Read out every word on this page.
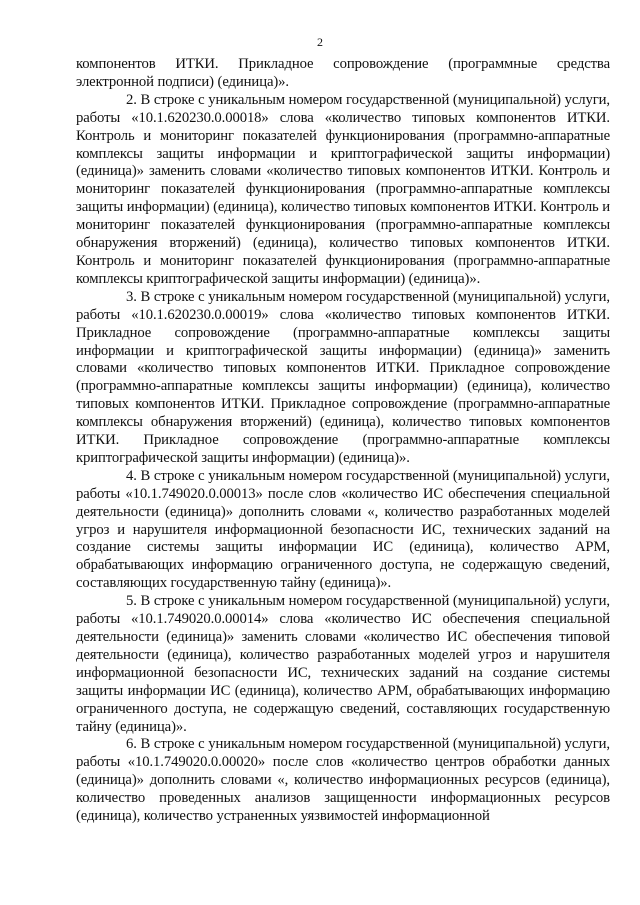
2

компонентов ИТКИ. Прикладное сопровождение (программные средства электронной подписи) (единица)».

2. В строке с уникальным номером государственной (муниципальной) услуги, работы «10.1.620230.0.00018» слова «количество типовых компонентов ИТКИ. Контроль и мониторинг показателей функционирования (программно-аппаратные комплексы защиты информации и криптографической защиты информации) (единица)» заменить словами «количество типовых компонентов ИТКИ. Контроль и мониторинг показателей функционирования (программно-аппаратные комплексы защиты информации) (единица), количество типовых компонентов ИТКИ. Контроль и мониторинг показателей функционирования (программно-аппаратные комплексы обнаружения вторжений) (единица), количество типовых компонентов ИТКИ. Контроль и мониторинг показателей функционирования (программно-аппаратные комплексы криптографической защиты информации) (единица)».

3. В строке с уникальным номером государственной (муниципальной) услуги, работы «10.1.620230.0.00019» слова «количество типовых компонентов ИТКИ. Прикладное сопровождение (программно-аппаратные комплексы защиты информации и криптографической защиты информации) (единица)» заменить словами «количество типовых компонентов ИТКИ. Прикладное сопровождение (программно-аппаратные комплексы защиты информации) (единица), количество типовых компонентов ИТКИ. Прикладное сопровождение (программно-аппаратные комплексы обнаружения вторжений) (единица), количество типовых компонентов ИТКИ. Прикладное сопровождение (программно-аппаратные комплексы криптографической защиты информации) (единица)».

4. В строке с уникальным номером государственной (муниципальной) услуги, работы «10.1.749020.0.00013» после слов «количество ИС обеспечения специальной деятельности (единица)» дополнить словами «, количество разработанных моделей угроз и нарушителя информационной безопасности ИС, технических заданий на создание системы защиты информации ИС (единица), количество АРМ, обрабатывающих информацию ограниченного доступа, не содержащую сведений, составляющих государственную тайну (единица)».

5. В строке с уникальным номером государственной (муниципальной) услуги, работы «10.1.749020.0.00014» слова «количество ИС обеспечения специальной деятельности (единица)» заменить словами «количество ИС обеспечения типовой деятельности (единица), количество разработанных моделей угроз и нарушителя информационной безопасности ИС, технических заданий на создание системы защиты информации ИС (единица), количество АРМ, обрабатывающих информацию ограниченного доступа, не содержащую сведений, составляющих государственную тайну (единица)».

6. В строке с уникальным номером государственной (муниципальной) услуги, работы «10.1.749020.0.00020» после слов «количество центров обработки данных (единица)» дополнить словами «, количество информационных ресурсов (единица), количество проведенных анализов защищенности информационных ресурсов (единица), количество устраненных уязвимостей информационной
